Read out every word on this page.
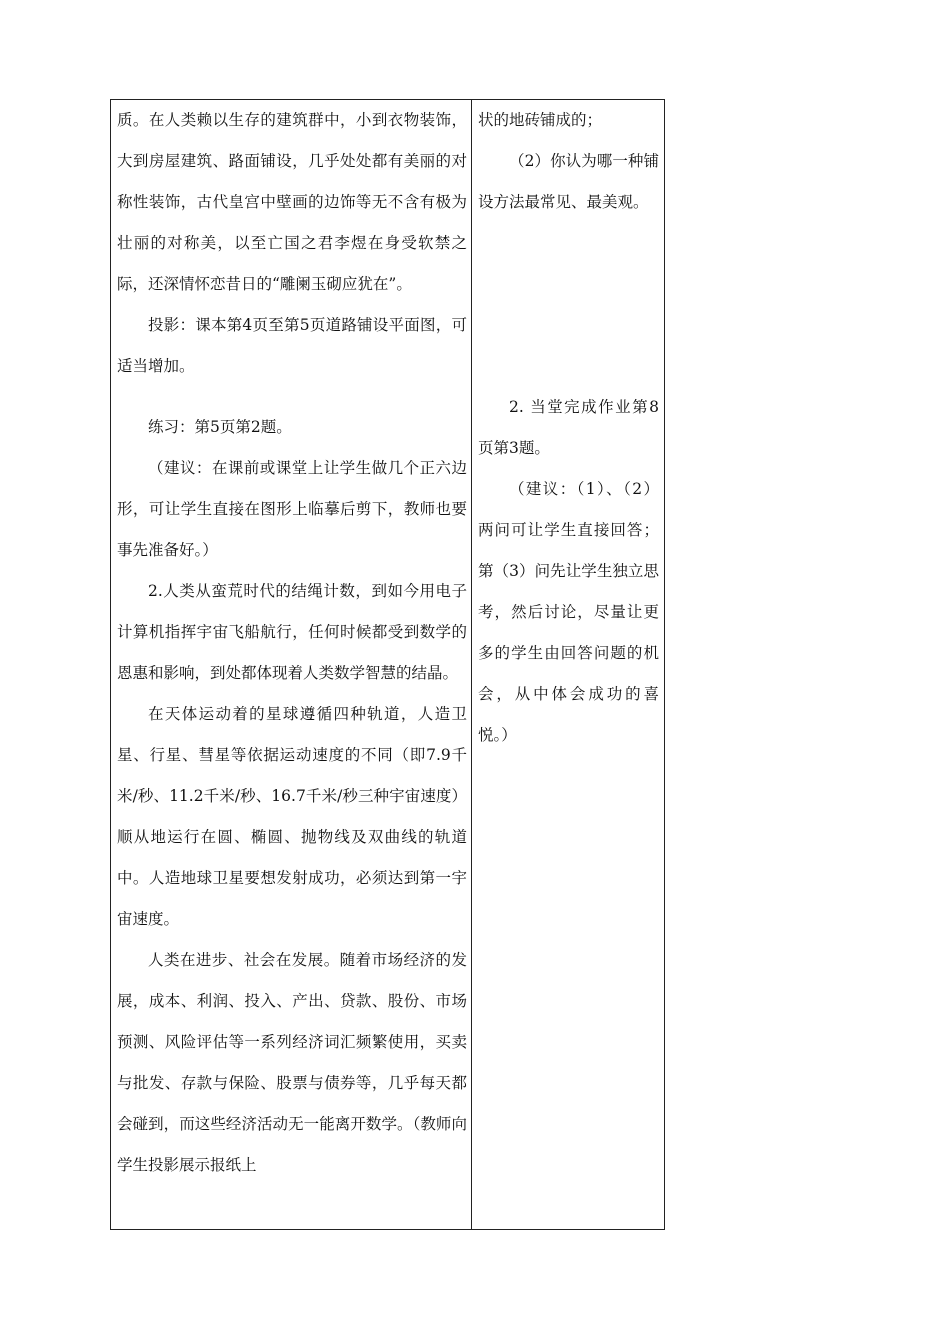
质。在人类赖以生存的建筑群中，小到衣物装饰，大到房屋建筑、路面铺设，几乎处处都有美丽的对称性装饰，古代皇宫中壁画的边饰等无不含有极为壮丽的对称美，以至亡国之君李煜在身受软禁之际，还深情怀恋昔日的“雕阑玉砌应犹在”。

投影：课本第4页至第5页道路铺设平面图，可适当增加。

练习：第5页第2题。

（建议：在课前或课堂上让学生做几个正六边形，可让学生直接在图形上临摹后剪下，教师也要事先准备好。）

2.人类从蛮荒时代的结绳计数，到如今用电子计算机指挥宇宙飞船航行，任何时候都受到数学的恩惠和影响，到处都体现着人类数学智慧的结晶。

在天体运动着的星球遵循四种轨道，人造卫星、行星、彗星等依据运动速度的不同（即7.9千米/秒、11.2千米/秒、16.7千米/秒三种宇宙速度）顺从地运行在圆、椭圆、抛物线及双曲线的轨道中。人造地球卫星要想发射成功，必须达到第一宇宙速度。

人类在进步、社会在发展。随着市场经济的发展，成本、利润、投入、产出、贷款、股份、市场预测、风险评估等一系列经济词汇频繁使用，买卖与批发、存款与保险、股票与债券等，几乎每天都会碰到，而这些经济活动无一能离开数学。（教师向学生投影展示报纸上

状的地砖铺成的；

（2）你认为哪一种铺设方法最常见、最美观。

2. 当堂完成作业第8页第3题。

（建议：（1）、（2）两问可让学生直接回答；第（3）问先让学生独立思考，然后讨论，尽量让更多的学生由回答问题的机会，从中体会成功的喜悦。）
